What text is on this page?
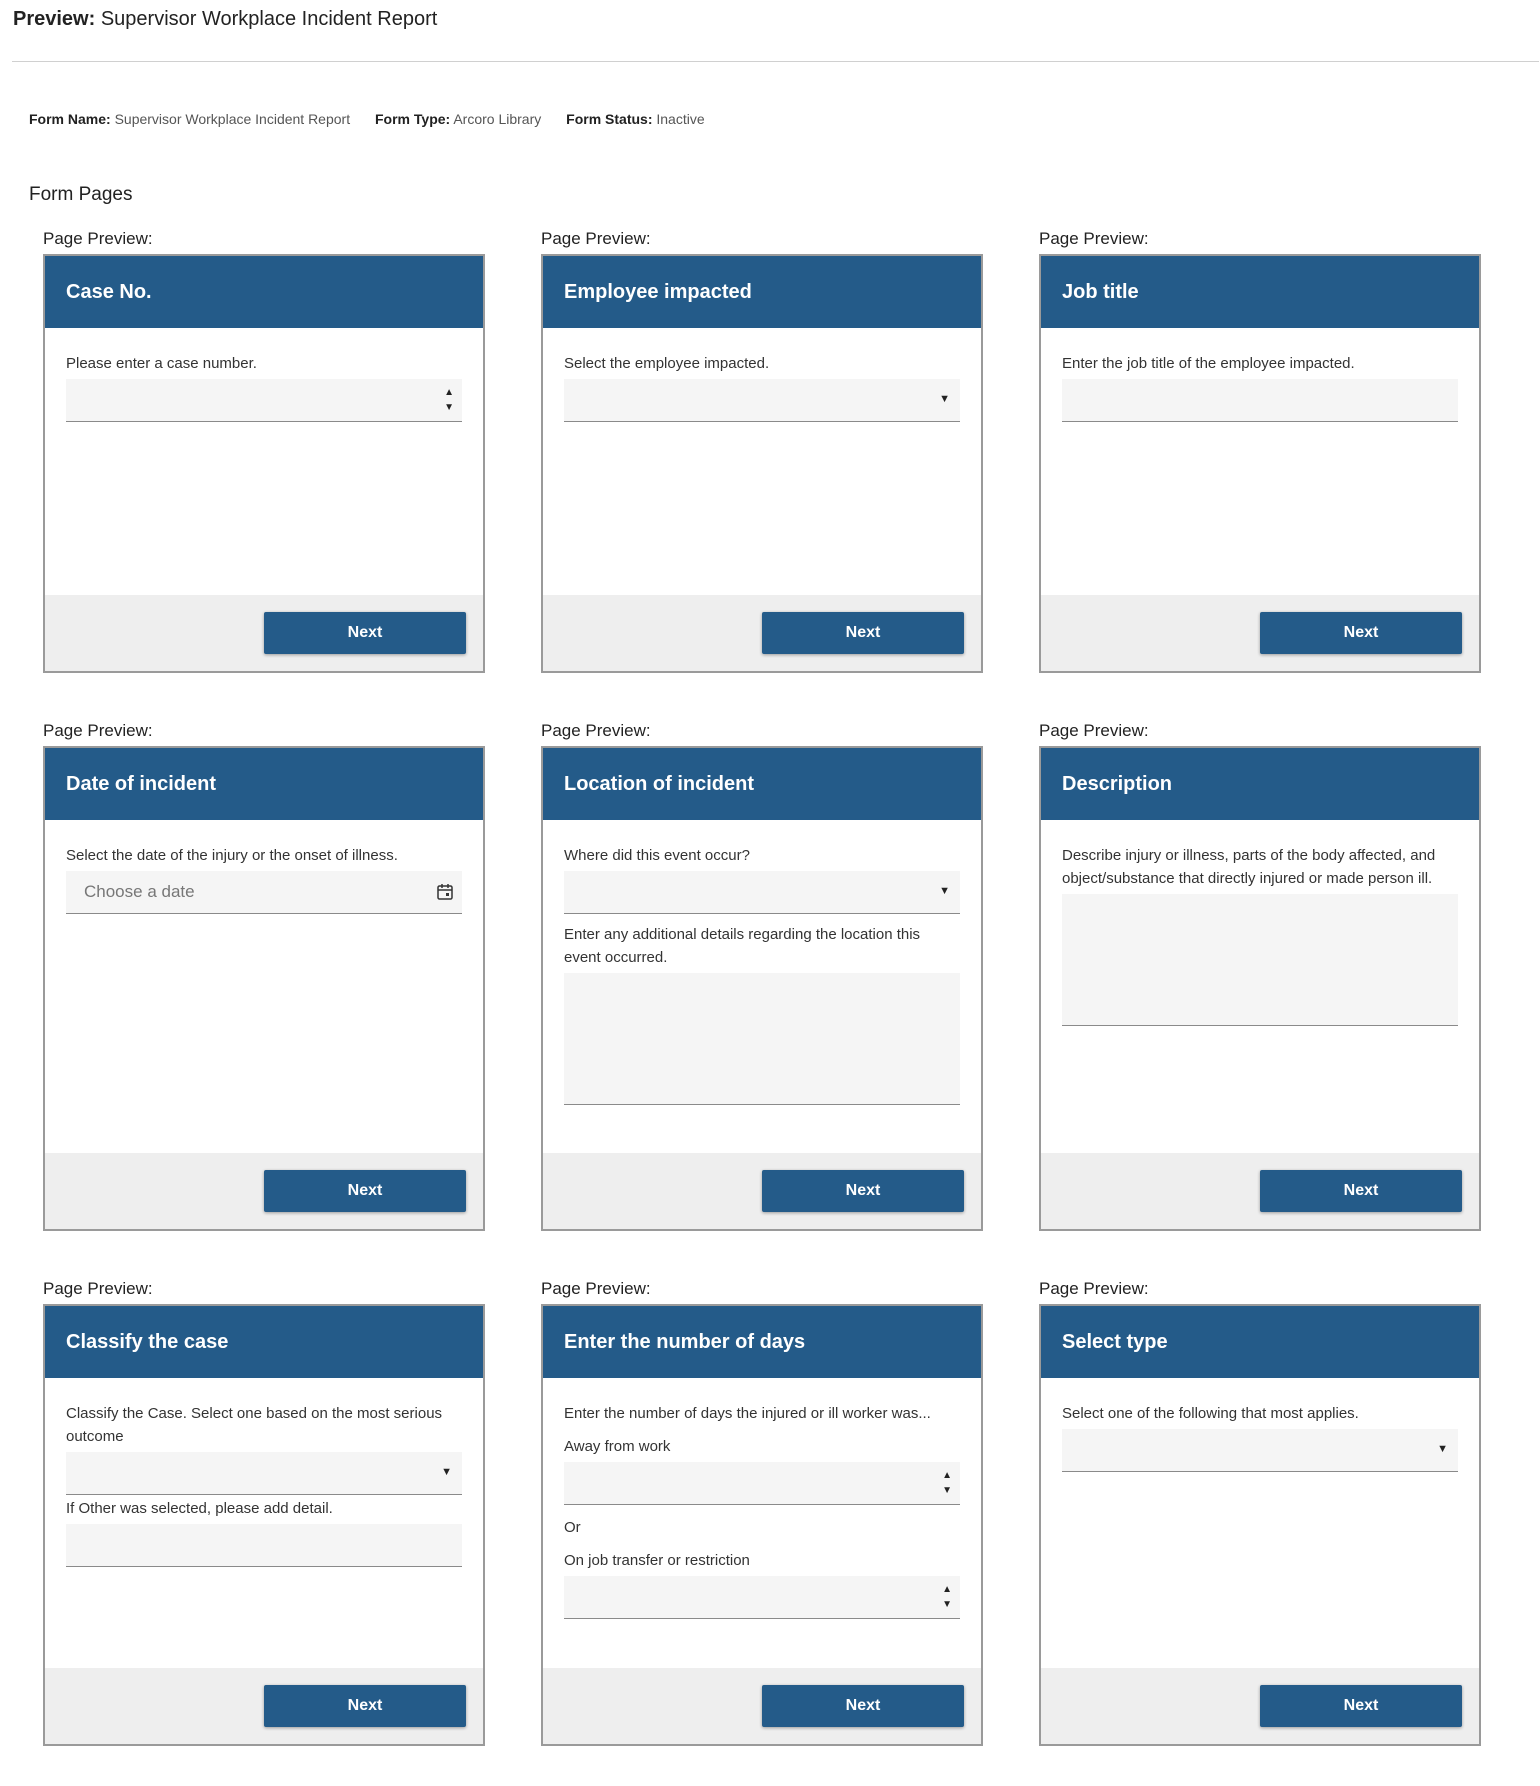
Preview: Supervisor Workplace Incident Report
Form Name: Supervisor Workplace Incident Report Form Type: Arcoro Library Form Status: Inactive
Form Pages
Page Preview:
Case No.
Please enter a case number.
▲
▼
Next
Page Preview:
Employee impacted
Select the employee impacted.
▼
Next
Page Preview:
Job title
Enter the job title of the employee impacted.
Next
Page Preview:
Date of incident
Select the date of the injury or the onset of illness.
Choose a date
Next
Page Preview:
Location of incident
Where did this event occur?
▼
Enter any additional details regarding the location this event occurred.
Next
Page Preview:
Description
Describe injury or illness, parts of the body affected, and object/substance that directly injured or made person ill.
Next
Page Preview:
Classify the case
Classify the Case. Select one based on the most serious outcome
▼
If Other was selected, please add detail.
Next
Page Preview:
Enter the number of days
Enter the number of days the injured or ill worker was...
Away from work
▲
▼
Or
On job transfer or restriction
▲
▼
Next
Page Preview:
Select type
Select one of the following that most applies.
▼
Next
